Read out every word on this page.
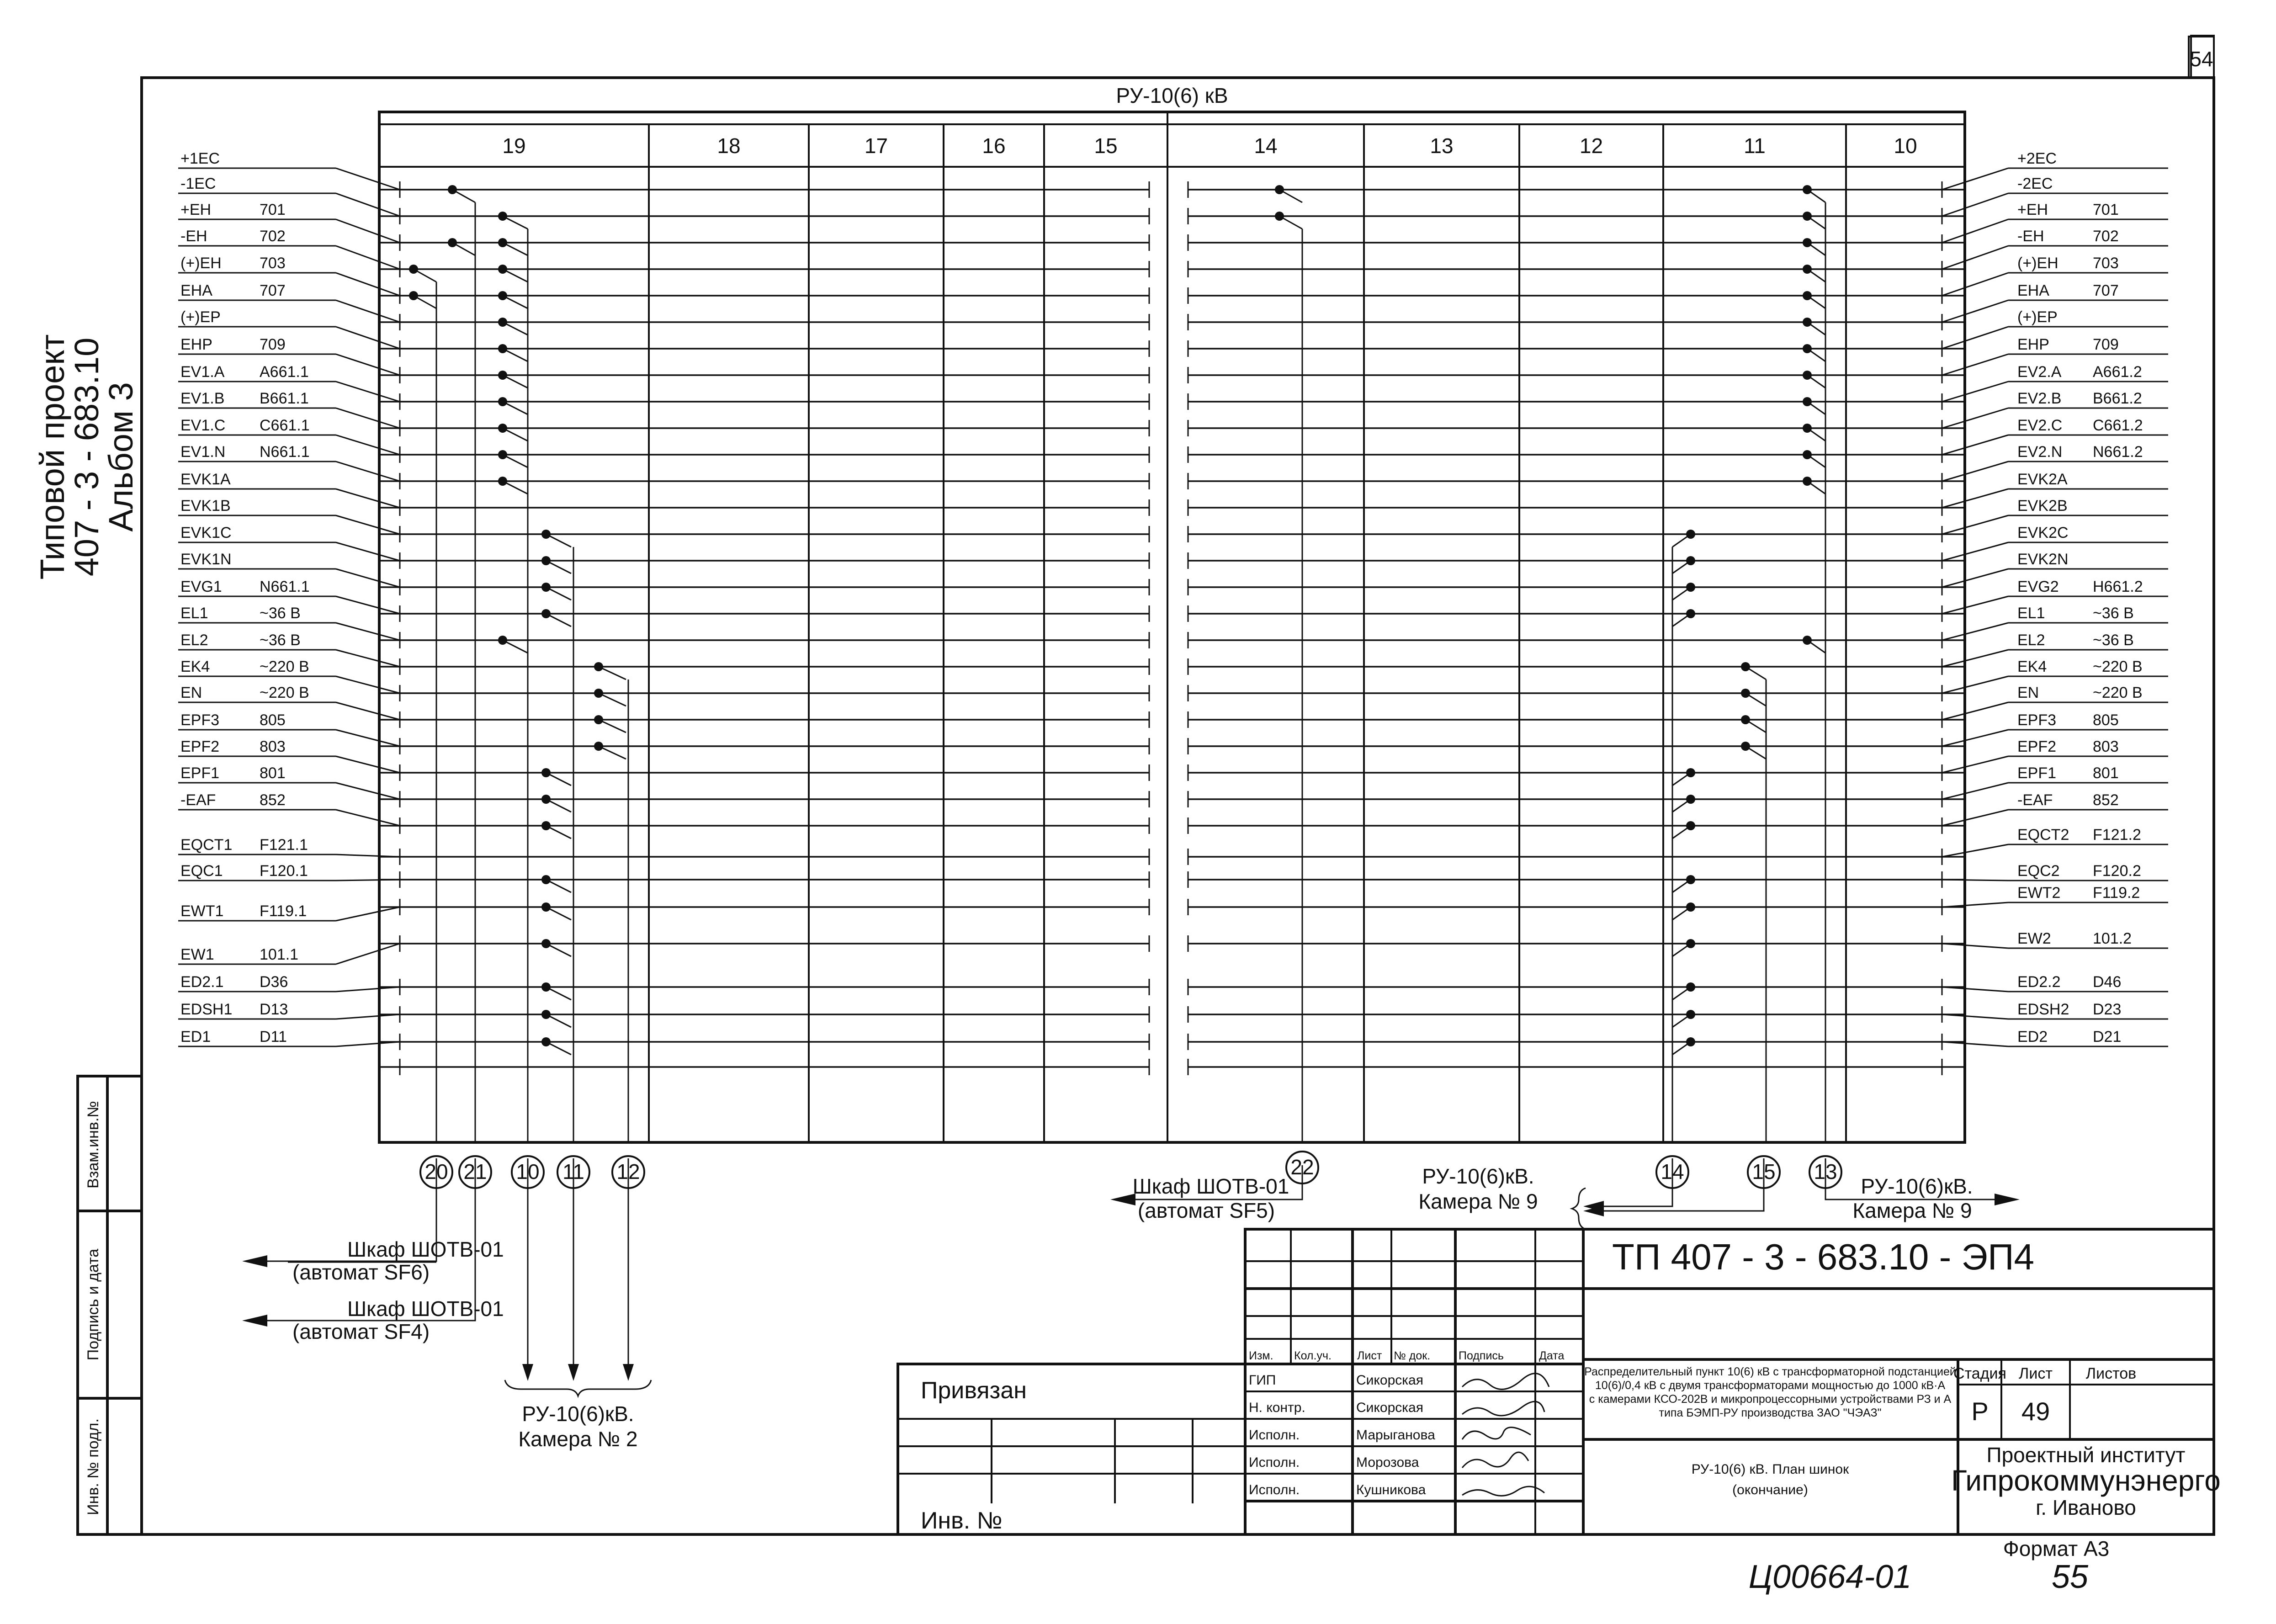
54
Типовой проект
407 - 3 - 683.10
Альбом 3
Взам.инв.№
Подпись и дата
Инв. № подл.
РУ-10(6) кВ
19	18	17	16	15	14	13	12	11	10
+1ЕС
-1ЕС
+ЕН	701
-ЕН	702
(+)ЕН 703
ЕНА	707
(+)ЕР
ЕНР	709
EV1.A A661.1
EV1.B B661.1
EV1.C C661.1
EV1.N N661.1
EVK1A
EVK1B
EVK1C
EVK1N
EVG1 N661.1
EL1	~36 B
EL2	~36 B
EK4	~220 B
EN	~220 B
EPF3	805
EPF2	803
EPF1	801
-EAF	852
EQCT1 F121.1
EQC1 F120.1
EWT1 F119.1
EW1	101.1
ED2.1 D36
EDSH1 D13
ED1	D11
+2ЕС
-2ЕС
+ЕН	701
-ЕН	702
(+)ЕН 703
ЕНА	707
(+)ЕР
ЕНР	709
EV2.A A661.2
EV2.B B661.2
EV2.C C661.2
EV2.N N661.2
EVK2A
EVK2B
EVK2C
EVK2N
EVG2 H661.2
EL1	~36 B
EL2	~36 B
EK4	~220 B
EN	~220 B
EPF3 805
EPF2 803
EPF1 801
-EAF	852
EQCT2 F121.2
EQC2 F120.2
EWT2 F119.2
EW2	101.2
ED2.2 D46
EDSH2 D23
ED2	D21
20 21 10 11 12	22	14	15 13
Шкаф ШОТВ-01
(автомат SF6)
Шкаф ШОТВ-01
(автомат SF4)
РУ-10(6)кВ.
Камера № 2
Шкаф ШОТВ-01
(автомат SF5)
РУ-10(6)кВ.
Камера № 9
РУ-10(6)кВ.
Камера № 9
ТП 407 - 3 - 683.10 - ЭП4
Изм. Кол.уч. Лист № док. Подпись	Дата
ГИП	Сикорская
Н. контр.	Сикорская
Исполн.	Марыганова
Исполн.	Морозова
Исполн.	Кушникова
Распределительный пункт 10(6) кВ с трансформаторной подстанцией
10(6)/0,4 кВ с двумя трансформаторами мощностью до 1000 кВ·А
с камерами КСО-202В и микропроцессорными устройствами РЗ и А
типа БЭМП-РУ производства ЗАО "ЧЭАЗ"
РУ-10(6) кВ. План шинок
(окончание)
Стадия Лист Листов
Р 49
Проектный институт
Гипрокоммунэнерго
г. Иваново
Привязан
Инв. №
Формат А3
Ц00664-01	55
